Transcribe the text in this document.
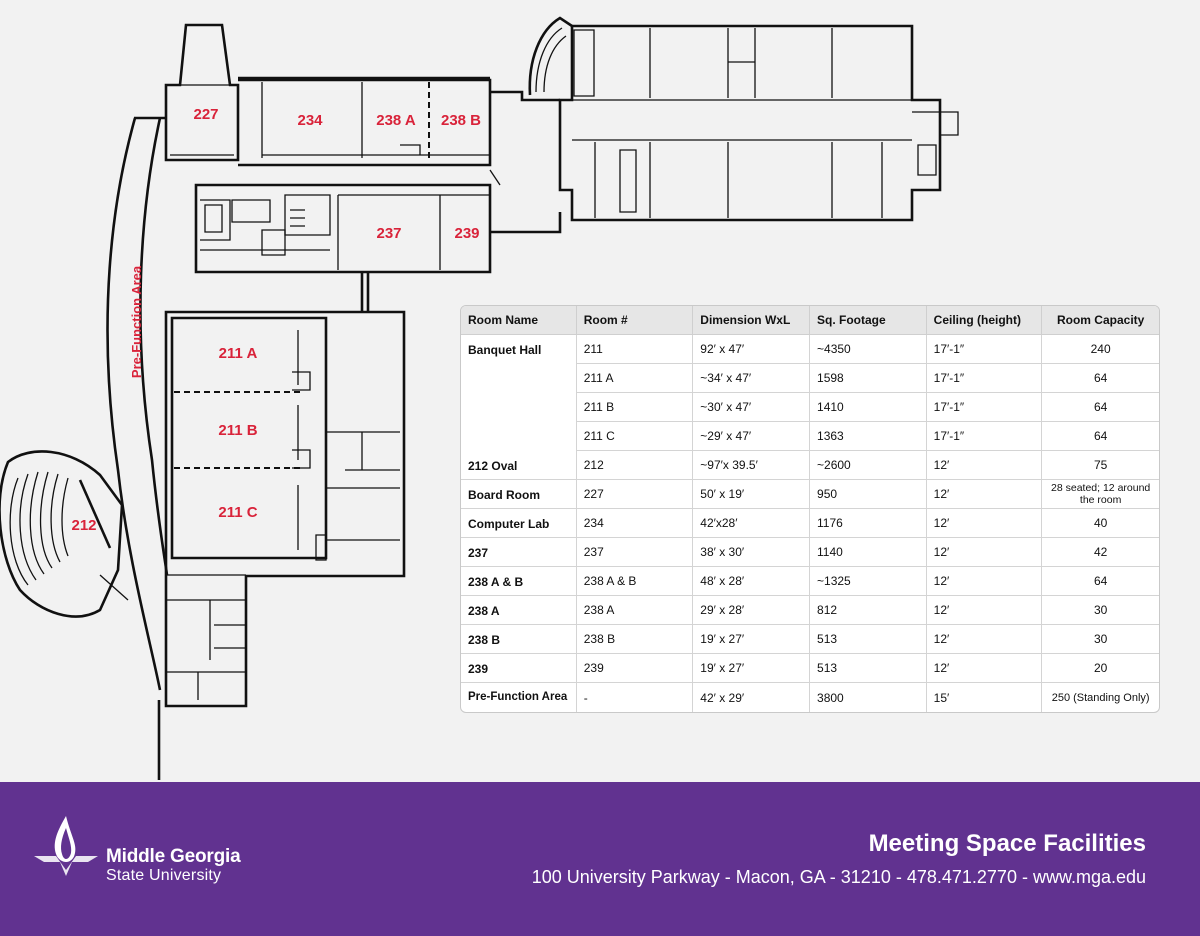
Pre-Function Area
227	234	238 A 238 B
237	239
211 A
211 B
211 C
212
Room Name	Room #	Dimension WxL	Sq. Footage	Ceiling (height)	Room Capacity
Banquet Hall	211	92′ x 47′	~4350	17′-1″	240
	211 A	~34′ x 47′	1598	17′-1″	64
	211 B	~30′ x 47′	1410	17′-1″	64
	211 C	~29′ x 47′	1363	17′-1″	64
212 Oval	212	~97′x 39.5′	~2600	12′	75
Board Room	227	50′ x 19′	950	12′	28 seated; 12 around the room
Computer Lab	234	42′x28′	1176	12′	40
237	237	38′ x 30′	1140	12′	42
238 A & B	238 A & B	48′ x 28′	~1325	12′	64
238 A	238 A	29′ x 28′	812	12′	30
238 B	238 B	19′ x 27′	513	12′	30
239	239	19′ x 27′	513	12′	20
Pre-Function Area	-	42′ x 29′	3800	15′	250 (Standing Only)
Middle Georgia
State University
Meeting Space Facilities
100 University Parkway - Macon, GA - 31210 - 478.471.2770 - www.mga.edu
